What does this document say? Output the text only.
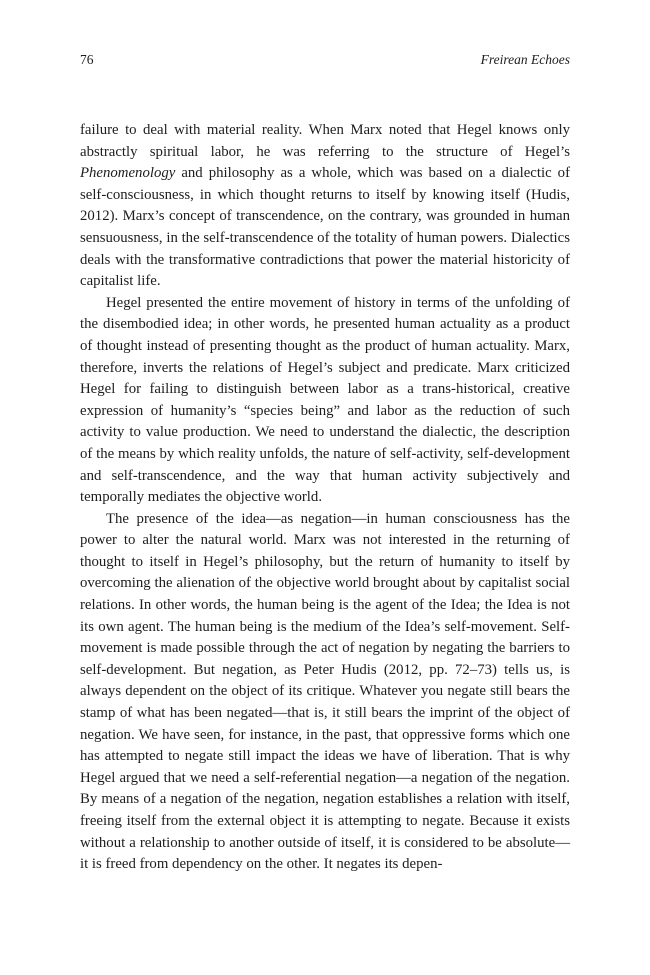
76	Freirean Echoes

failure to deal with material reality. When Marx noted that Hegel knows only abstractly spiritual labor, he was referring to the structure of Hegel’s Phenomenology and philosophy as a whole, which was based on a dialectic of self-consciousness, in which thought returns to itself by knowing itself (Hudis, 2012). Marx’s concept of transcendence, on the contrary, was grounded in human sensuousness, in the self-transcendence of the totality of human powers. Dialectics deals with the transformative contradictions that power the material historicity of capitalist life.

Hegel presented the entire movement of history in terms of the unfolding of the disembodied idea; in other words, he presented human actuality as a product of thought instead of presenting thought as the product of human actuality. Marx, therefore, inverts the relations of Hegel’s subject and predicate. Marx criticized Hegel for failing to distinguish between labor as a trans-historical, creative expression of humanity’s “species being” and labor as the reduction of such activity to value production. We need to understand the dialectic, the description of the means by which reality unfolds, the nature of self-activity, self-development and self-transcendence, and the way that human activity subjectively and temporally mediates the objective world.

The presence of the idea—as negation—in human consciousness has the power to alter the natural world. Marx was not interested in the returning of thought to itself in Hegel’s philosophy, but the return of humanity to itself by overcoming the alienation of the objective world brought about by capitalist social relations. In other words, the human being is the agent of the Idea; the Idea is not its own agent. The human being is the medium of the Idea’s self-movement. Self-movement is made possible through the act of negation by negating the barriers to self-development. But negation, as Peter Hudis (2012, pp. 72–73) tells us, is always dependent on the object of its critique. Whatever you negate still bears the stamp of what has been negated—that is, it still bears the imprint of the object of negation. We have seen, for instance, in the past, that oppressive forms which one has attempted to negate still impact the ideas we have of liberation. That is why Hegel argued that we need a self-referential negation—a negation of the negation. By means of a negation of the negation, negation establishes a relation with itself, freeing itself from the external object it is attempting to negate. Because it exists without a relationship to another outside of itself, it is considered to be absolute—it is freed from dependency on the other. It negates its depen-
